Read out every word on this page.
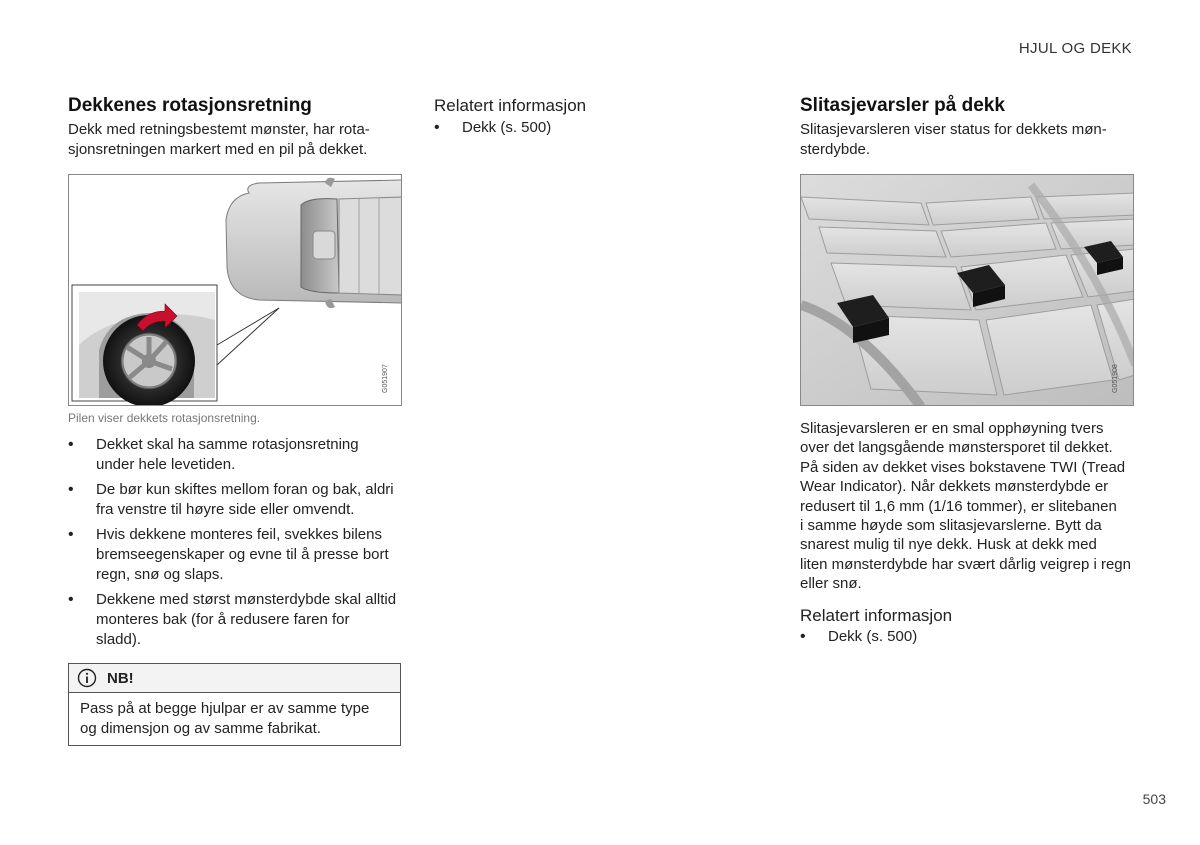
HJUL OG DEKK
Dekkenes rotasjonsretning
Dekk med retningsbestemt mønster, har rota-
sjonsretningen markert med en pil på dekket.
G051907
Pilen viser dekkets rotasjonsretning.
• Dekket skal ha samme rotasjonsretning
under hele levetiden.
• De bør kun skiftes mellom foran og bak, aldri
fra venstre til høyre side eller omvendt.
• Hvis dekkene monteres feil, svekkes bilens
bremseegenskaper og evne til å presse bort
regn, snø og slaps.
• Dekkene med størst mønsterdybde skal alltid
monteres bak (for å redusere faren for
sladd).
NB!
Pass på at begge hjulpar er av samme type
og dimensjon og av samme fabrikat.
Relatert informasjon
• Dekk (s. 500)
Slitasjevarsler på dekk
Slitasjevarsleren viser status for dekkets møn-
sterdybde.
G051908
Slitasjevarsleren er en smal opphøyning tvers
over det langsgående mønstersporet til dekket.
På siden av dekket vises bokstavene TWI (Tread
Wear Indicator). Når dekkets mønsterdybde er
redusert til 1,6 mm (1/16 tommer), er slitebanen
i samme høyde som slitasjevarslerne. Bytt da
snarest mulig til nye dekk. Husk at dekk med
liten mønsterdybde har svært dårlig veigrep i regn
eller snø.
Relatert informasjon
• Dekk (s. 500)
503
